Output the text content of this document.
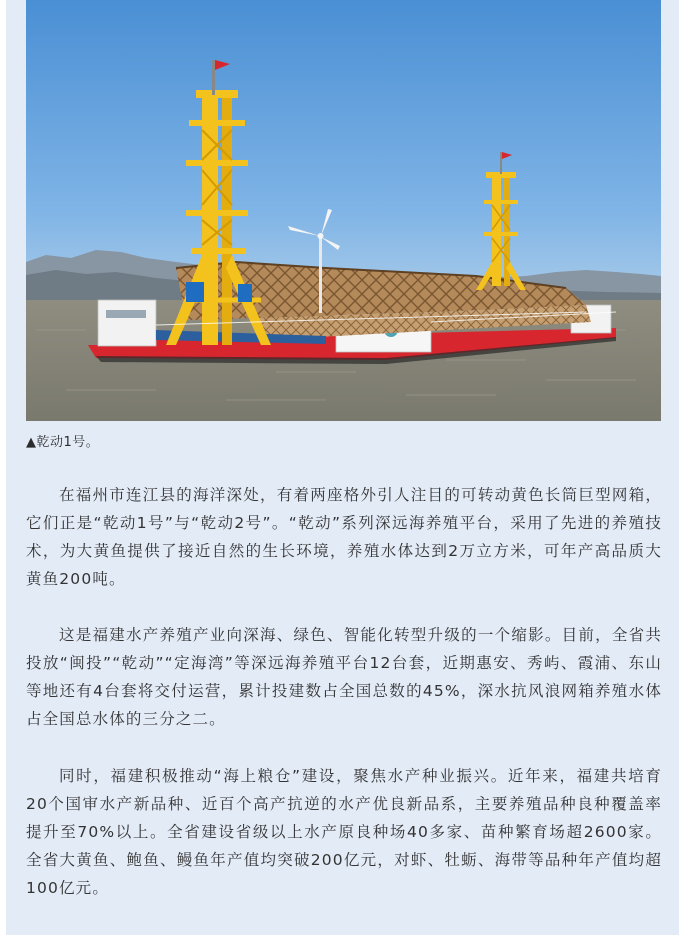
▲乾动1号。

在福州市连江县的海洋深处，有着两座格外引人注目的可转动黄色长筒巨型网箱，它们正是“乾动1号”与“乾动2号”。“乾动”系列深远海养殖平台，采用了先进的养殖技术，为大黄鱼提供了接近自然的生长环境，养殖水体达到2万立方米，可年产高品质大黄鱼200吨。

这是福建水产养殖产业向深海、绿色、智能化转型升级的一个缩影。目前，全省共投放“闽投”“乾动”“定海湾”等深远海养殖平台12台套，近期惠安、秀屿、霞浦、东山等地还有4台套将交付运营，累计投建数占全国总数的45%，深水抗风浪网箱养殖水体占全国总水体的三分之二。

同时，福建积极推动“海上粮仓”建设，聚焦水产种业振兴。近年来，福建共培育20个国审水产新品种、近百个高产抗逆的水产优良新品系，主要养殖品种良种覆盖率提升至70%以上。全省建设省级以上水产原良种场40多家、苗种繁育场超2600家。全省大黄鱼、鲍鱼、鳗鱼年产值均突破200亿元，对虾、牡蛎、海带等品种年产值均超100亿元。
